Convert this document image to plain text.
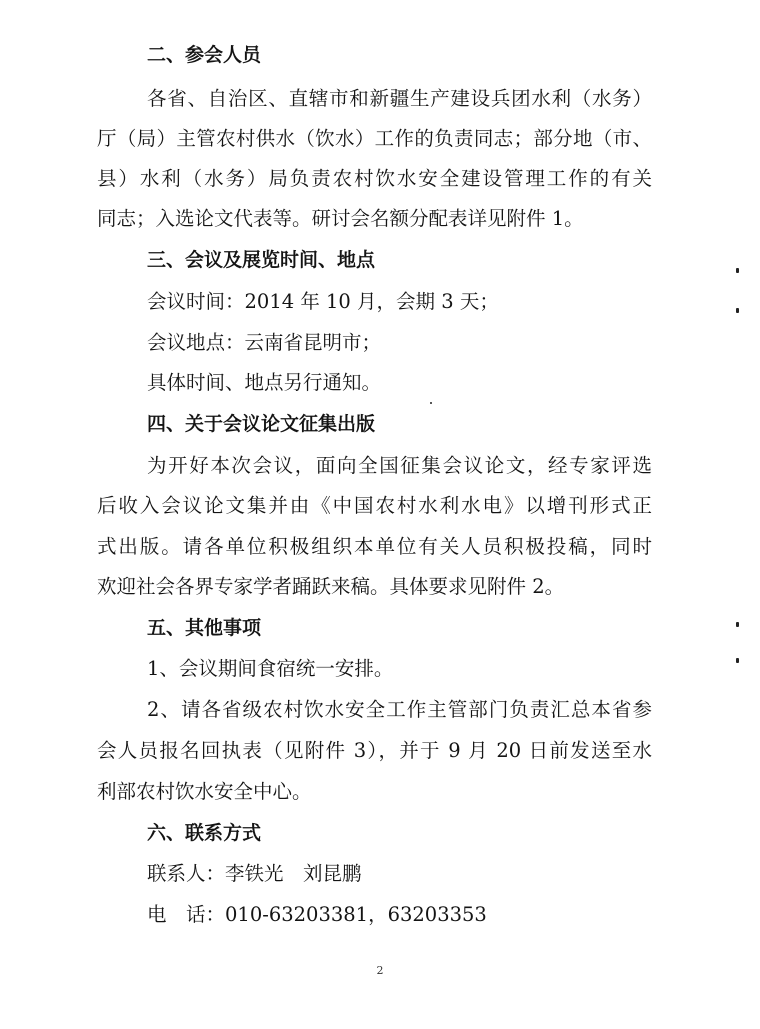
二、参会人员
各省、自治区、直辖市和新疆生产建设兵团水利（水务）
厅（局）主管农村供水（饮水）工作的负责同志；部分地（市、
县）水利（水务）局负责农村饮水安全建设管理工作的有关
同志；入选论文代表等。研讨会名额分配表详见附件 1。
三、会议及展览时间、地点
会议时间：2014 年 10 月，会期 3 天；
会议地点：云南省昆明市；
具体时间、地点另行通知。
四、关于会议论文征集出版
为开好本次会议，面向全国征集会议论文，经专家评选
后收入会议论文集并由《中国农村水利水电》以增刊形式正
式出版。请各单位积极组织本单位有关人员积极投稿，同时
欢迎社会各界专家学者踊跃来稿。具体要求见附件 2。
五、其他事项
1、会议期间食宿统一安排。
2、请各省级农村饮水安全工作主管部门负责汇总本省参
会人员报名回执表（见附件 3），并于 9 月 20 日前发送至水
利部农村饮水安全中心。
六、联系方式
联系人：李铁光　刘昆鹏
电　话：010-63203381，63203353
2
